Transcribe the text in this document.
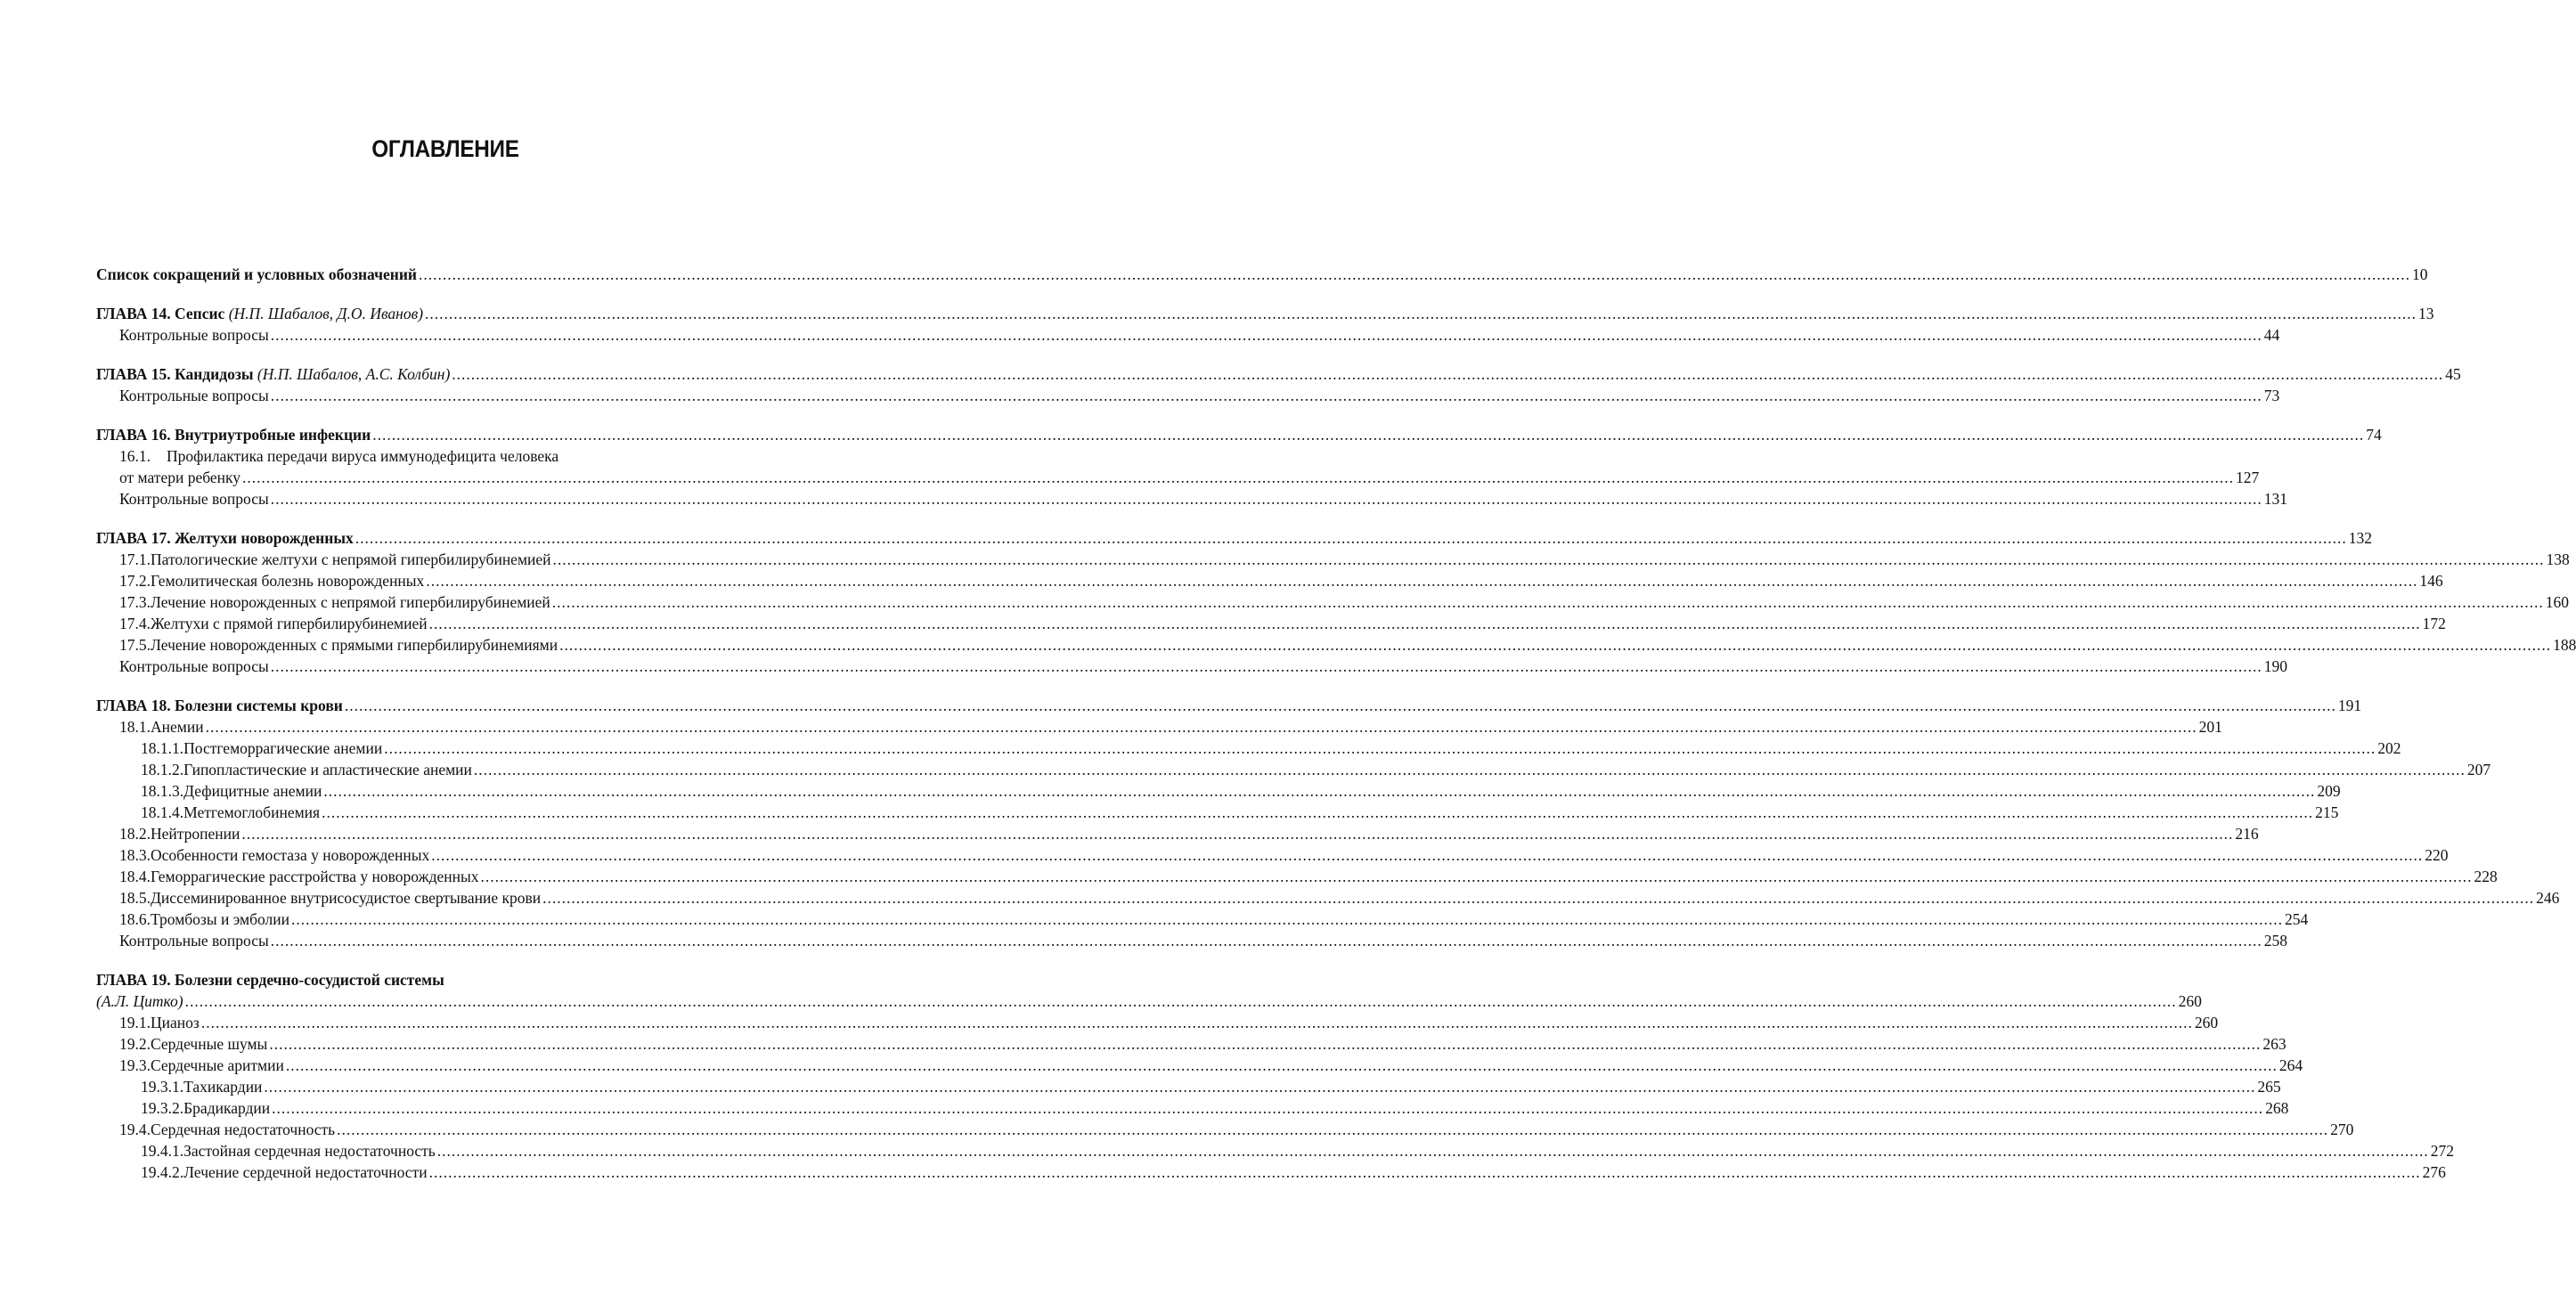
ОГЛАВЛЕНИЕ
Список сокращений и условных обозначений .....	10
ГЛАВА 14. Сепсис (Н.П. Шабалов, Д.О. Иванов) .....	13
Контрольные вопросы .....	44
ГЛАВА 15. Кандидозы (Н.П. Шабалов, А.С. Колбин) .....	45
Контрольные вопросы .....	73
ГЛАВА 16. Внутриутробные инфекции .....	74
16.1.	Профилактика передачи вируса иммунодефицита человека
от матери ребенку .....	127
Контрольные вопросы .....	131
ГЛАВА 17. Желтухи новорожденных .....	132
17.1. Патологические желтухи с непрямой гипербилирубинемией .....	138
17.2. Гемолитическая болезнь новорожденных .....	146
17.3. Лечение новорожденных с непрямой гипербилирубинемией .....	160
17.4. Желтухи с прямой гипербилирубинемией .....	172
17.5. Лечение новорожденных с прямыми гипербилирубинемиями .....	188
Контрольные вопросы .....	190
ГЛАВА 18. Болезни системы крови .....	191
18.1. Анемии .....	201
18.1.1. Постгеморрагические анемии .....	202
18.1.2. Гипопластические и апластические анемии .....	207
18.1.3. Дефицитные анемии .....	209
18.1.4. Метгемоглобинемия .....	215
18.2. Нейтропении .....	216
18.3. Особенности гемостаза у новорожденных .....	220
18.4. Геморрагические расстройства у новорожденных .....	228
18.5. Диссеминированное внутрисосудистое свертывание крови .....	246
18.6. Тромбозы и эмболии .....	254
Контрольные вопросы .....	258
ГЛАВА 19. Болезни сердечно-сосудистой системы
(А.Л. Цитко) .....	260
19.1. Цианоз .....	260
19.2. Сердечные шумы .....	263
19.3. Сердечные аритмии .....	264
19.3.1. Тахикардии .....	265
19.3.2. Брадикардии .....	268
19.4. Сердечная недостаточность .....	270
19.4.1. Застойная сердечная недостаточность .....	272
19.4.2. Лечение сердечной недостаточности .....	276
